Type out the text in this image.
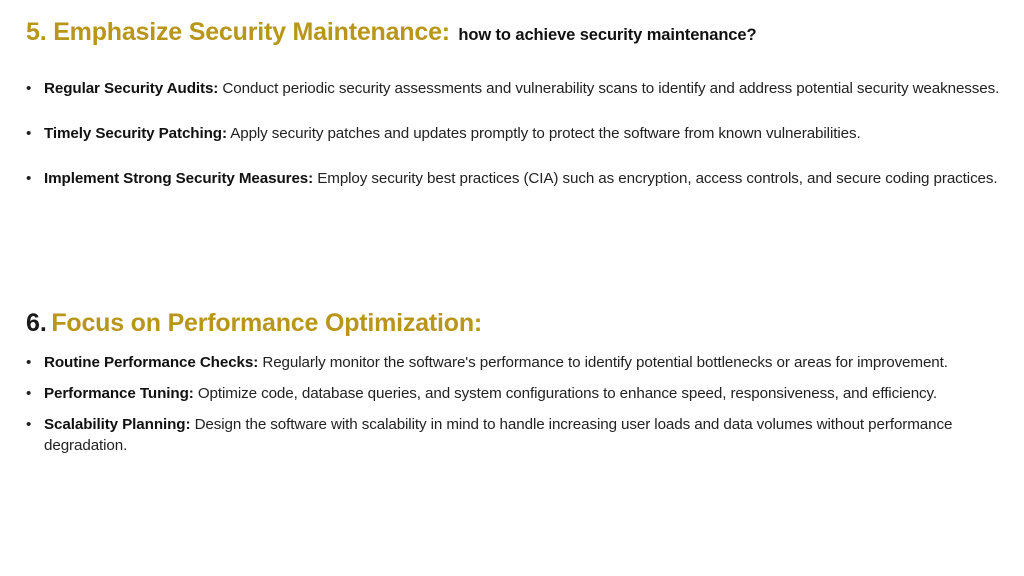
5. Emphasize Security Maintenance: how to achieve security maintenance?
• Regular Security Audits: Conduct periodic security assessments and vulnerability scans to identify and address potential security weaknesses.
• Timely Security Patching: Apply security patches and updates promptly to protect the software from known vulnerabilities.
• Implement Strong Security Measures: Employ security best practices (CIA) such as encryption, access controls, and secure coding practices.
6. Focus on Performance Optimization:
• Routine Performance Checks: Regularly monitor the software's performance to identify potential bottlenecks or areas for improvement.
• Performance Tuning: Optimize code, database queries, and system configurations to enhance speed, responsiveness, and efficiency.
• Scalability Planning: Design the software with scalability in mind to handle increasing user loads and data volumes without performance degradation.
